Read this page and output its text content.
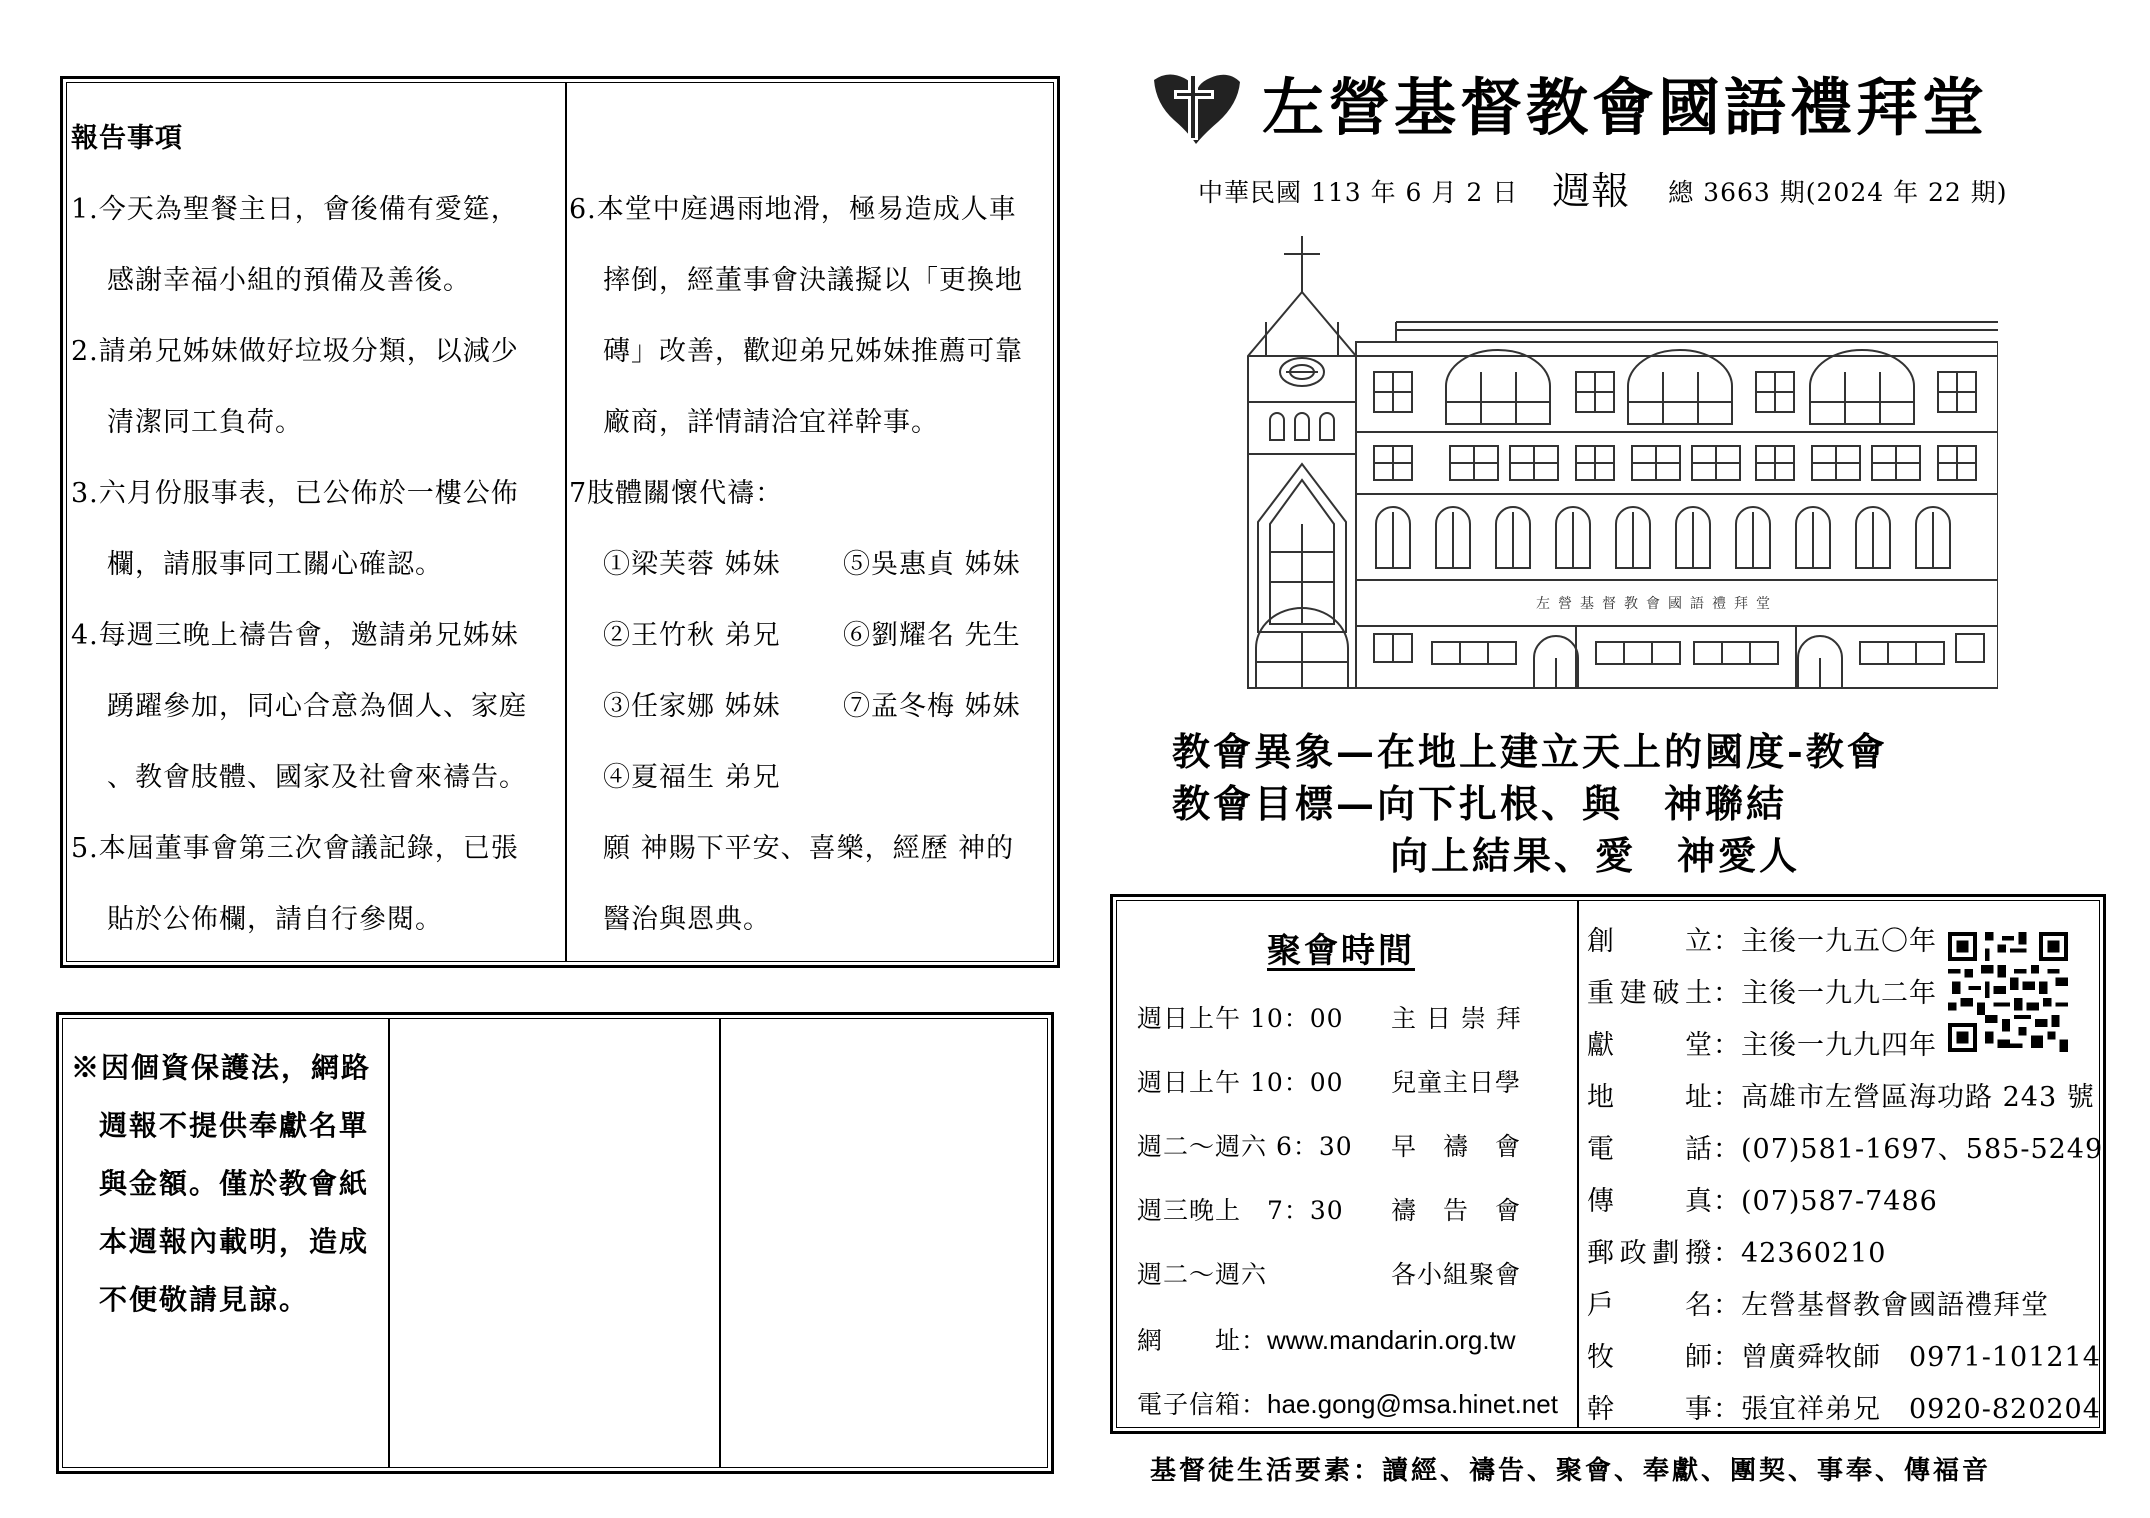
報告事項
1.今天為聖餐主日，會後備有愛筵，
感謝幸福小組的預備及善後。
2.請弟兄姊妹做好垃圾分類，以減少
清潔同工負荷。
3.六月份服事表，已公佈於一樓公佈
欄，請服事同工關心確認。
4.每週三晚上禱告會，邀請弟兄姊妹
踴躍參加，同心合意為個人、家庭
、教會肢體、國家及社會來禱告。
5.本屆董事會第三次會議記錄，已張
貼於公佈欄，請自行參閱。
6.本堂中庭遇雨地滑，極易造成人車
摔倒，經董事會決議擬以「更換地
磚」改善，歡迎弟兄姊妹推薦可靠
廠商，詳情請洽宜祥幹事。
7肢體關懷代禱：
①梁芙蓉 姊妹 ⑤吳惠貞 姊妹
②王竹秋 弟兄 ⑥劉耀名 先生
③任家娜 姊妹 ⑦孟冬梅 姊妹
④夏福生 弟兄
願 神賜下平安、喜樂，經歷 神的
醫治與恩典。
※因個資保護法，網路
週報不提供奉獻名單
與金額。僅於教會紙
本週報內載明，造成
不便敬請見諒。
左營基督教會國語禮拜堂
中華民國 113 年 6 月 2 日 週報 總 3663 期(2024 年 22 期)
左營基督教會國語禮拜堂
教會異象—在地上建立天上的國度-教會
教會目標—向下扎根、與　神聯結
向上結果、愛　神愛人
聚會時間
週日上午 10：00 主 日 崇 拜
週日上午 10：00 兒童主日學
週二～週六 6：30 早　禱　會
週三晚上　7：30 禱　告　會
週二～週六	各小組聚會
網　　址：www.mandarin.org.tw
電子信箱：hae.gong@msa.hinet.net
創立：主後一九五〇年
重建破土：主後一九九二年
獻堂：主後一九九四年
地址：高雄市左營區海功路 243 號
電話：(07)581-1697、585-5249
傳真：(07)587-7486
郵政劃撥：42360210
戶名：左營基督教會國語禮拜堂
牧師：曾廣舜牧師　0971-101214
幹事：張宜祥弟兄　0920-820204
基督徒生活要素：讀經、禱告、聚會、奉獻、團契、事奉、傳福音
